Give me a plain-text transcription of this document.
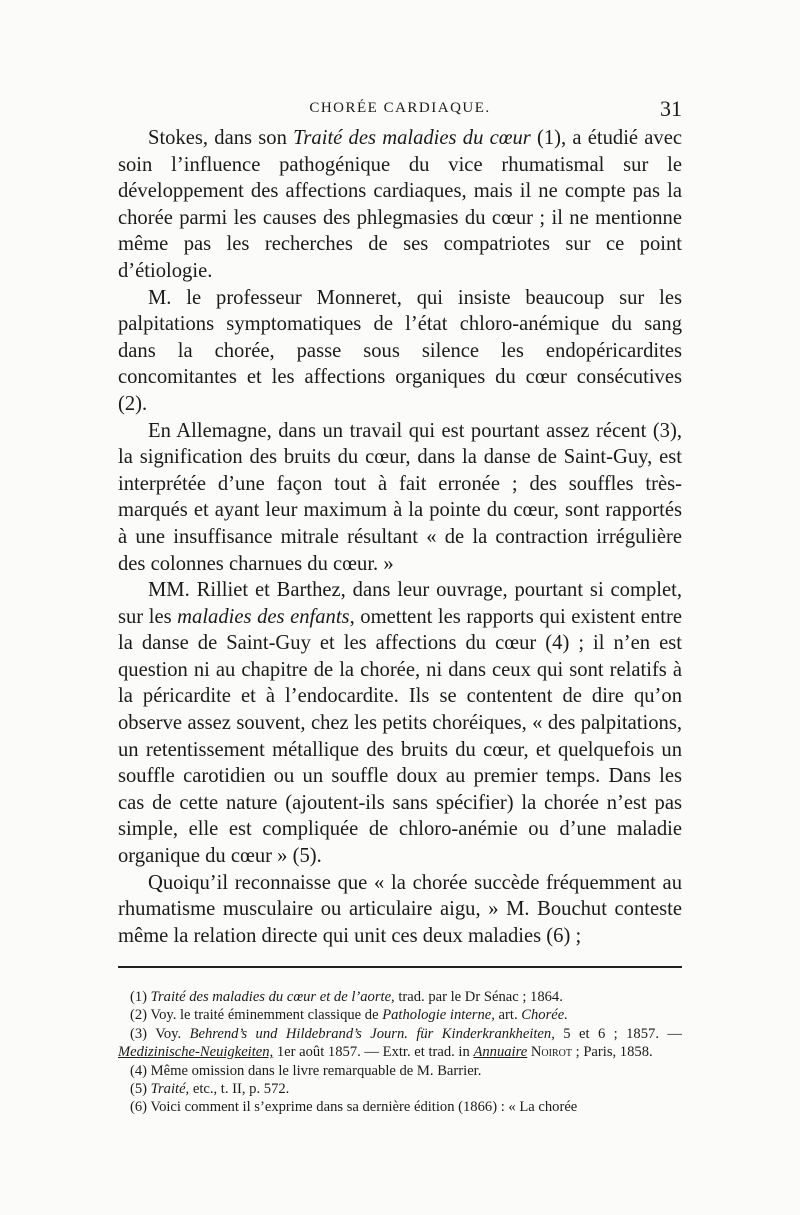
CHORÉE CARDIAQUE.	31

Stokes, dans son Traité des maladies du cœur (1), a étudié avec soin l’influence pathogénique du vice rhumatismal sur le développement des affections cardiaques, mais il ne compte pas la chorée parmi les causes des phlegmasies du cœur ; il ne mentionne même pas les recherches de ses compatriotes sur ce point d’étiologie.

M. le professeur Monneret, qui insiste beaucoup sur les palpitations symptomatiques de l’état chloro-anémique du sang dans la chorée, passe sous silence les endopéricardites concomitantes et les affections organiques du cœur consécutives (2).

En Allemagne, dans un travail qui est pourtant assez récent (3), la signification des bruits du cœur, dans la danse de Saint-Guy, est interprétée d’une façon tout à fait erronée ; des souffles très-marqués et ayant leur maximum à la pointe du cœur, sont rapportés à une insuffisance mitrale résultant « de la contraction irrégulière des colonnes charnues du cœur. »

MM. Rilliet et Barthez, dans leur ouvrage, pourtant si complet, sur les maladies des enfants, omettent les rapports qui existent entre la danse de Saint-Guy et les affections du cœur (4) ; il n’en est question ni au chapitre de la chorée, ni dans ceux qui sont relatifs à la péricardite et à l’endocardite. Ils se contentent de dire qu’on observe assez souvent, chez les petits choréiques, « des palpitations, un retentissement métallique des bruits du cœur, et quelquefois un souffle carotidien ou un souffle doux au premier temps. Dans les cas de cette nature (ajoutent-ils sans spécifier) la chorée n’est pas simple, elle est compliquée de chloro-anémie ou d’une maladie organique du cœur » (5).

Quoiqu’il reconnaisse que « la chorée succède fréquemment au rhumatisme musculaire ou articulaire aigu, » M. Bouchut conteste même la relation directe qui unit ces deux maladies (6) ;

(1) Traité des maladies du cœur et de l’aorte, trad. par le Dr Sénac ; 1864.

(2) Voy. le traité éminemment classique de Pathologie interne, art. Chorée.

(3) Voy. Behrend’s und Hildebrand’s Journ. für Kinderkrankheiten, 5 et 6 ; 1857. — Medizinische-Neuigkeiten, 1er août 1857. — Extr. et trad. in Annuaire Noirot ; Paris, 1858.

(4) Même omission dans le livre remarquable de M. Barrier.

(5) Traité, etc., t. II, p. 572.

(6) Voici comment il s’exprime dans sa dernière édition (1866) : « La chorée
